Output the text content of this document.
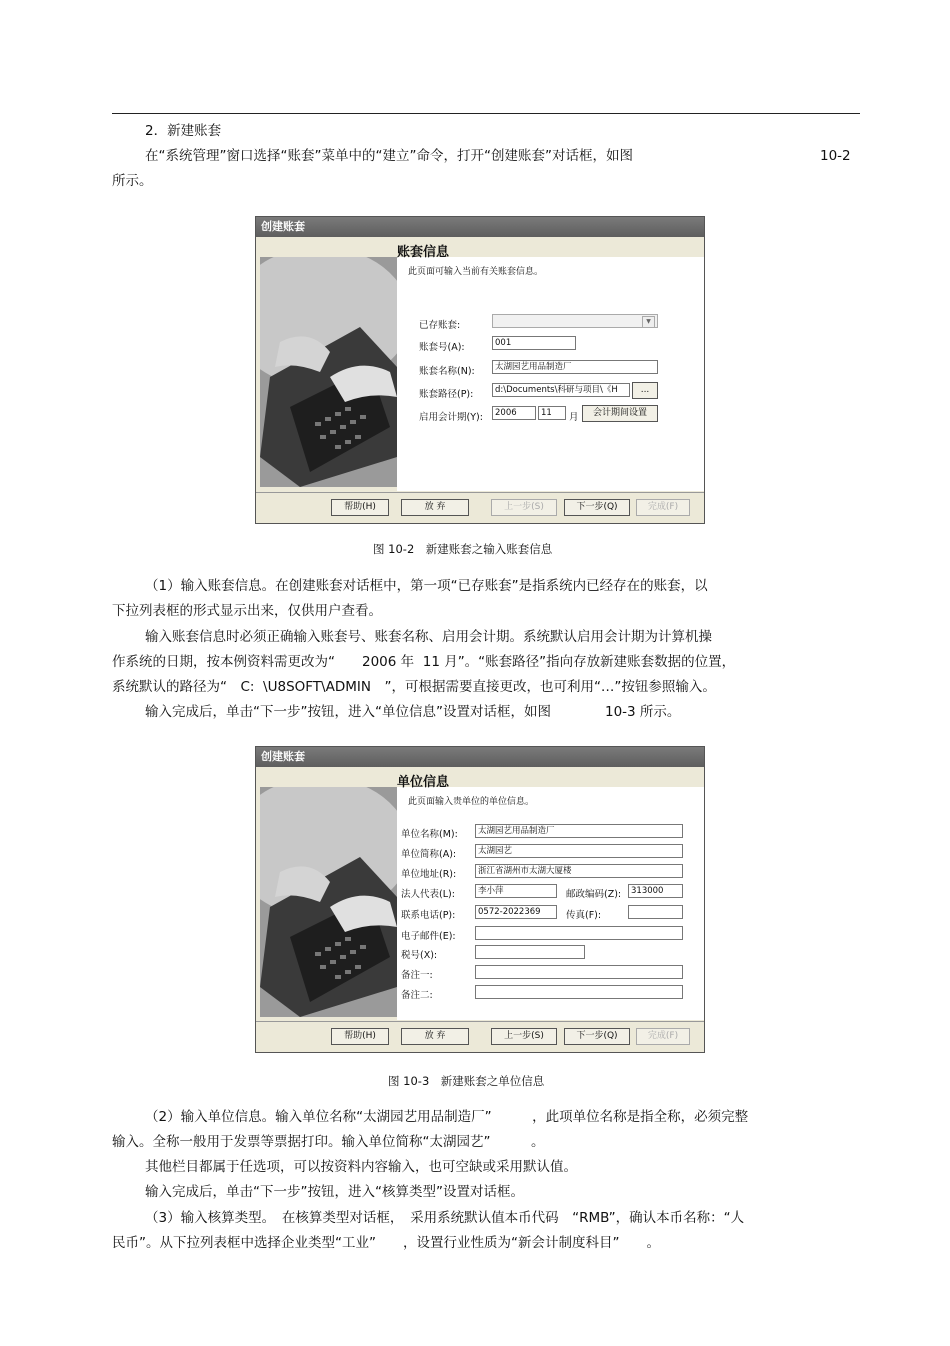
2．新建账套
在“系统管理”窗口选择“账套”菜单中的“建立”命令，打开“创建账套”对话框，如图	10-2
所示。
创建账套
账套信息
此页面可输入当前有关账套信息。
已存账套:	▼
账套号(A):	001
账套名称(N):	太湖园艺用品制造厂
账套路径(P):	d:\Documents\科研与项目\《H	...
启用会计期(Y):	2006	11	月	会计期间设置
帮助(H)	放 弃	上一步(S)	下一步(Q)	完成(F)
图 10-2　新建账套之输入账套信息
（1）输入账套信息。在创建账套对话框中，第一项“已存账套”是指系统内已经存在的账套，以
下拉列表框的形式显示出来，仅供用户查看。
输入账套信息时必须正确输入账套号、账套名称、启用会计期。系统默认启用会计期为计算机操
作系统的日期，按本例资料需更改为“　　2006 年  11 月”。“账套路径”指向存放新建账套数据的位置，
系统默认的路径为“　C:  \U8SOFT\ADMIN　”，可根据需要直接更改，也可利用“…”按钮参照输入。
输入完成后，单击“下一步”按钮，进入“单位信息”设置对话框，如图　　　　10-3 所示。
创建账套
单位信息
此页面输入贵单位的单位信息。
单位名称(M):	太湖园艺用品制造厂
单位简称(A):	太湖园艺
单位地址(R):	浙江省湖州市太湖大厦楼
法人代表(L):	李小萍	邮政编码(Z):	313000
联系电话(P):	0572-2022369	传真(F):
电子邮件(E):
税号(X):
备注一:
备注二:
帮助(H)	放 弃	上一步(S)	下一步(Q)	完成(F)
图 10-3　新建账套之单位信息
（2）输入单位信息。输入单位名称“太湖园艺用品制造厂”　　　，此项单位名称是指全称，必须完整
输入。全称一般用于发票等票据打印。输入单位简称“太湖园艺”　　　。
其他栏目都属于任选项，可以按资料内容输入，也可空缺或采用默认值。
输入完成后，单击“下一步”按钮，进入“核算类型”设置对话框。
（3）输入核算类型。　在核算类型对话框，　采用系统默认值本币代码　“RMB”，确认本币名称：“人
民币”。从下拉列表框中选择企业类型“工业”　　，设置行业性质为“新会计制度科目”　　。
